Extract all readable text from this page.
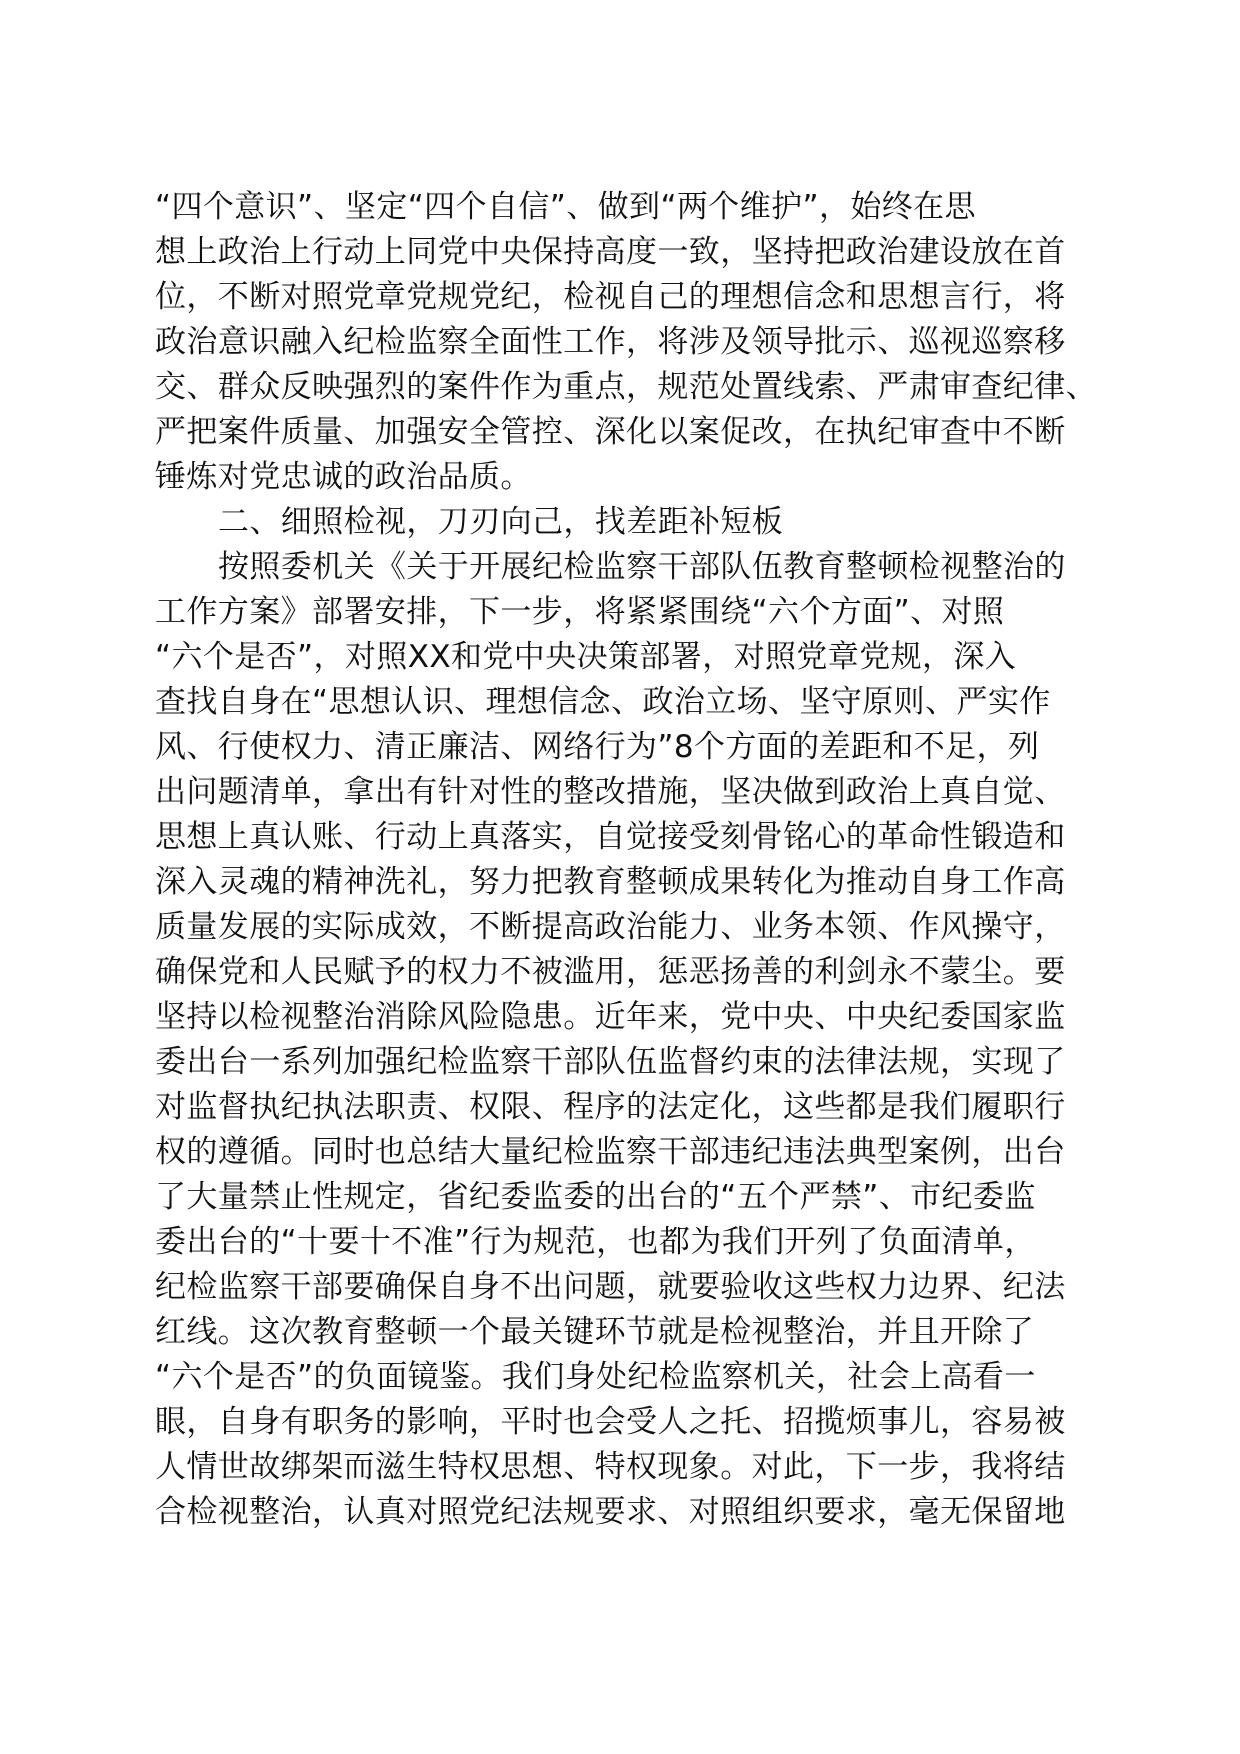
“四个意识”、坚定“四个自信”、做到“两个维护”，始终在思
想上政治上行动上同党中央保持高度一致，坚持把政治建设放在首
位，不断对照党章党规党纪，检视自己的理想信念和思想言行，将
政治意识融入纪检监察全面性工作，将涉及领导批示、巡视巡察移
交、群众反映强烈的案件作为重点，规范处置线索、严肃审查纪律、
严把案件质量、加强安全管控、深化以案促改，在执纪审查中不断
锤炼对党忠诚的政治品质。
二、细照检视，刀刃向己，找差距补短板
按照委机关《关于开展纪检监察干部队伍教育整顿检视整治的
工作方案》部署安排，下一步，将紧紧围绕“六个方面”、对照
“六个是否”，对照XX和党中央决策部署，对照党章党规，深入
查找自身在“思想认识、理想信念、政治立场、坚守原则、严实作
风、行使权力、清正廉洁、网络行为”8个方面的差距和不足，列
出问题清单，拿出有针对性的整改措施，坚决做到政治上真自觉、
思想上真认账、行动上真落实，自觉接受刻骨铭心的革命性锻造和
深入灵魂的精神洗礼，努力把教育整顿成果转化为推动自身工作高
质量发展的实际成效，不断提高政治能力、业务本领、作风操守，
确保党和人民赋予的权力不被滥用，惩恶扬善的利剑永不蒙尘。要
坚持以检视整治消除风险隐患。近年来，党中央、中央纪委国家监
委出台一系列加强纪检监察干部队伍监督约束的法律法规，实现了
对监督执纪执法职责、权限、程序的法定化，这些都是我们履职行
权的遵循。同时也总结大量纪检监察干部违纪违法典型案例，出台
了大量禁止性规定，省纪委监委的出台的“五个严禁”、市纪委监
委出台的“十要十不准”行为规范，也都为我们开列了负面清单，
纪检监察干部要确保自身不出问题，就要验收这些权力边界、纪法
红线。这次教育整顿一个最关键环节就是检视整治，并且开除了
“六个是否”的负面镜鉴。我们身处纪检监察机关，社会上高看一
眼，自身有职务的影响，平时也会受人之托、招揽烦事儿，容易被
人情世故绑架而滋生特权思想、特权现象。对此，下一步，我将结
合检视整治，认真对照党纪法规要求、对照组织要求，毫无保留地
